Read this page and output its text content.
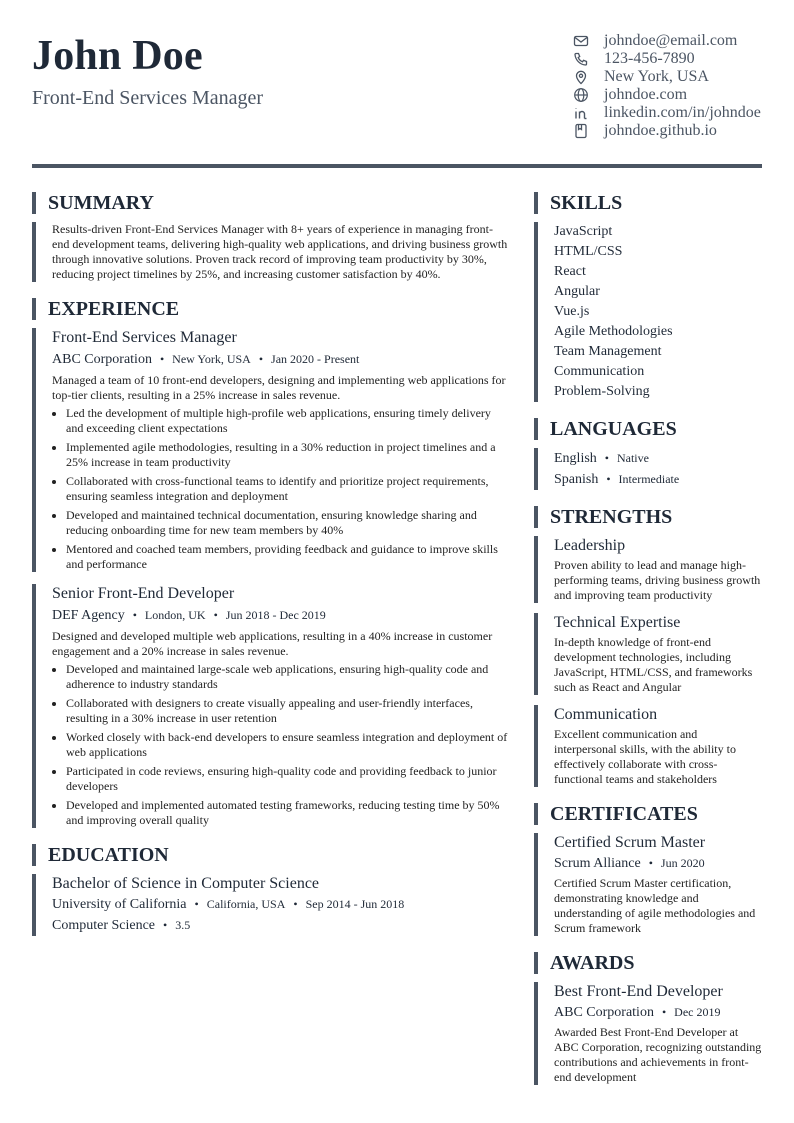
John Doe
Front-End Services Manager
johndoe@email.com
123-456-7890
New York, USA
johndoe.com
linkedin.com/in/johndoe
johndoe.github.io
SUMMARY

Results-driven Front-End Services Manager with 8+ years of experience in managing front-end development teams, delivering high-quality web applications, and driving business growth through innovative solutions. Proven track record of improving team productivity by 30%, reducing project timelines by 25%, and increasing customer satisfaction by 40%.

EXPERIENCE
Front-End Services Manager
ABC Corporation • New York, USA • Jan 2020 - Present
Managed a team of 10 front-end developers, designing and implementing web applications for top-tier clients, resulting in a 25% increase in sales revenue.
• Led the development of multiple high-profile web applications, ensuring timely delivery and exceeding client expectations
• Implemented agile methodologies, resulting in a 30% reduction in project timelines and a 25% increase in team productivity
• Collaborated with cross-functional teams to identify and prioritize project requirements, ensuring seamless integration and deployment
• Developed and maintained technical documentation, ensuring knowledge sharing and reducing onboarding time for new team members by 40%
• Mentored and coached team members, providing feedback and guidance to improve skills and performance
Senior Front-End Developer
DEF Agency • London, UK • Jun 2018 - Dec 2019
Designed and developed multiple web applications, resulting in a 40% increase in customer engagement and a 20% increase in sales revenue.
• Developed and maintained large-scale web applications, ensuring high-quality code and adherence to industry standards
• Collaborated with designers to create visually appealing and user-friendly interfaces, resulting in a 30% increase in user retention
• Worked closely with back-end developers to ensure seamless integration and deployment of web applications
• Participated in code reviews, ensuring high-quality code and providing feedback to junior developers
• Developed and implemented automated testing frameworks, reducing testing time by 50% and improving overall quality
EDUCATION
Bachelor of Science in Computer Science
University of California • California, USA • Sep 2014 - Jun 2018
Computer Science • 3.5
SKILLS
JavaScript
HTML/CSS
React
Angular
Vue.js
Agile Methodologies
Team Management
Communication
Problem-Solving
LANGUAGES
English • Native
Spanish • Intermediate
STRENGTHS
Leadership
Proven ability to lead and manage high-performing teams, driving business growth and improving team productivity
Technical Expertise
In-depth knowledge of front-end development technologies, including JavaScript, HTML/CSS, and frameworks such as React and Angular
Communication
Excellent communication and interpersonal skills, with the ability to effectively collaborate with cross-functional teams and stakeholders
CERTIFICATES
Certified Scrum Master
Scrum Alliance • Jun 2020
Certified Scrum Master certification, demonstrating knowledge and understanding of agile methodologies and Scrum framework
AWARDS
Best Front-End Developer
ABC Corporation • Dec 2019
Awarded Best Front-End Developer at ABC Corporation, recognizing outstanding contributions and achievements in front-end development
